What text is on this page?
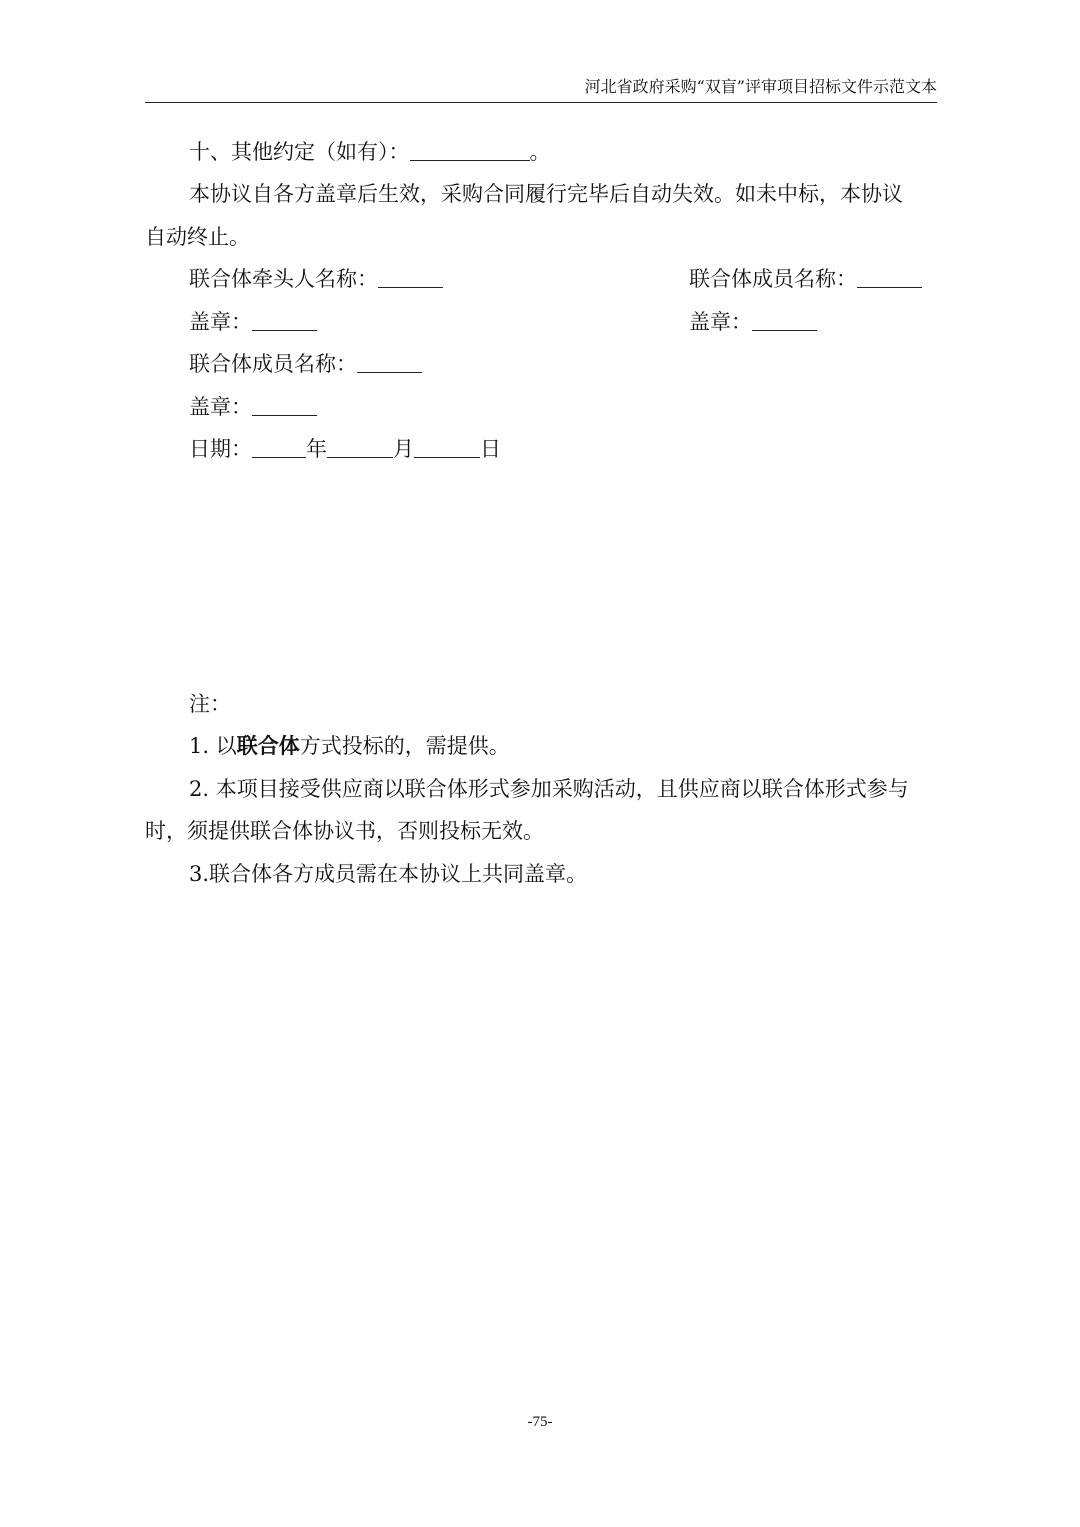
河北省政府采购“双盲”评审项目招标文件示范文本
十、其他约定（如有）：	。
本协议自各方盖章后生效，采购合同履行完毕后自动失效。如未中标，本协议
自动终止。
联合体牵头人名称：	联合体成员名称：
盖章：	盖章：
联合体成员名称：
盖章：
日期：	年	月	日
注：
1. 以联合体方式投标的，需提供。
2. 本项目接受供应商以联合体形式参加采购活动，且供应商以联合体形式参与
时，须提供联合体协议书，否则投标无效。
3.联合体各方成员需在本协议上共同盖章。
-75-
